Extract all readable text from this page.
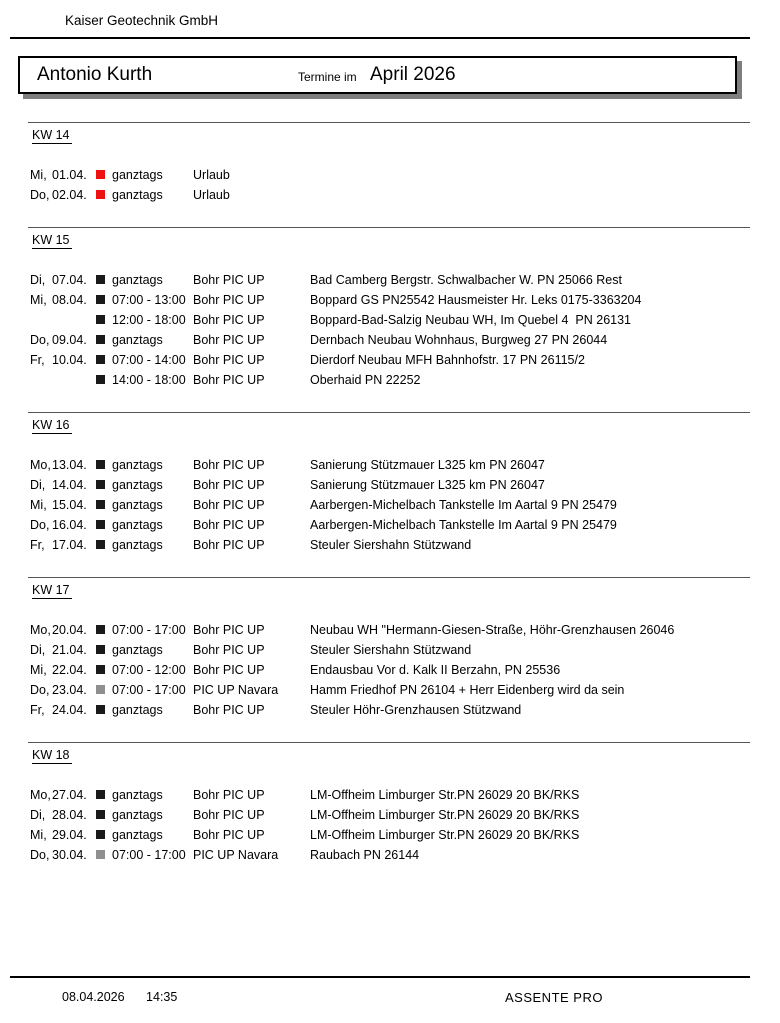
Kaiser Geotechnik GmbH
Antonio Kurth	Termine im April 2026
KW 14
Mi, 01.04.	ganztags	Urlaub
Do, 02.04.	ganztags	Urlaub
KW 15
Di, 07.04.	ganztags	Bohr PIC UP	Bad Camberg Bergstr. Schwalbacher W. PN 25066 Rest
Mi, 08.04.	07:00 - 13:00 Bohr PIC UP	Boppard GS PN25542 Hausmeister Hr. Leks 0175-3363204
12:00 - 18:00 Bohr PIC UP	Boppard-Bad-Salzig Neubau WH, Im Quebel 4  PN 26131
Do, 09.04.	ganztags	Bohr PIC UP	Dernbach Neubau Wohnhaus, Burgweg 27 PN 26044
Fr, 10.04.	07:00 - 14:00 Bohr PIC UP	Dierdorf Neubau MFH Bahnhofstr. 17 PN 26115/2
14:00 - 18:00 Bohr PIC UP	Oberhaid PN 22252
KW 16
Mo, 13.04.	ganztags	Bohr PIC UP	Sanierung Stützmauer L325 km PN 26047
Di, 14.04.	ganztags	Bohr PIC UP	Sanierung Stützmauer L325 km PN 26047
Mi, 15.04.	ganztags	Bohr PIC UP	Aarbergen-Michelbach Tankstelle Im Aartal 9 PN 25479
Do, 16.04.	ganztags	Bohr PIC UP	Aarbergen-Michelbach Tankstelle Im Aartal 9 PN 25479
Fr, 17.04.	ganztags	Bohr PIC UP	Steuler Siershahn Stützwand
KW 17
Mo, 20.04.	07:00 - 17:00 Bohr PIC UP	Neubau WH "Hermann-Giesen-Straße, Höhr-Grenzhausen 26046
Di, 21.04.	ganztags	Bohr PIC UP	Steuler Siershahn Stützwand
Mi, 22.04.	07:00 - 12:00 Bohr PIC UP	Endausbau Vor d. Kalk II Berzahn, PN 25536
Do, 23.04.	07:00 - 17:00 PIC UP Navara	Hamm Friedhof PN 26104 + Herr Eidenberg wird da sein
Fr, 24.04.	ganztags	Bohr PIC UP	Steuler Höhr-Grenzhausen Stützwand
KW 18
Mo, 27.04.	ganztags	Bohr PIC UP	LM-Offheim Limburger Str.PN 26029 20 BK/RKS
Di, 28.04.	ganztags	Bohr PIC UP	LM-Offheim Limburger Str.PN 26029 20 BK/RKS
Mi, 29.04.	ganztags	Bohr PIC UP	LM-Offheim Limburger Str.PN 26029 20 BK/RKS
Do, 30.04.	07:00 - 17:00 PIC UP Navara	Raubach PN 26144
08.04.2026 14:35	ASSENTE PRO
